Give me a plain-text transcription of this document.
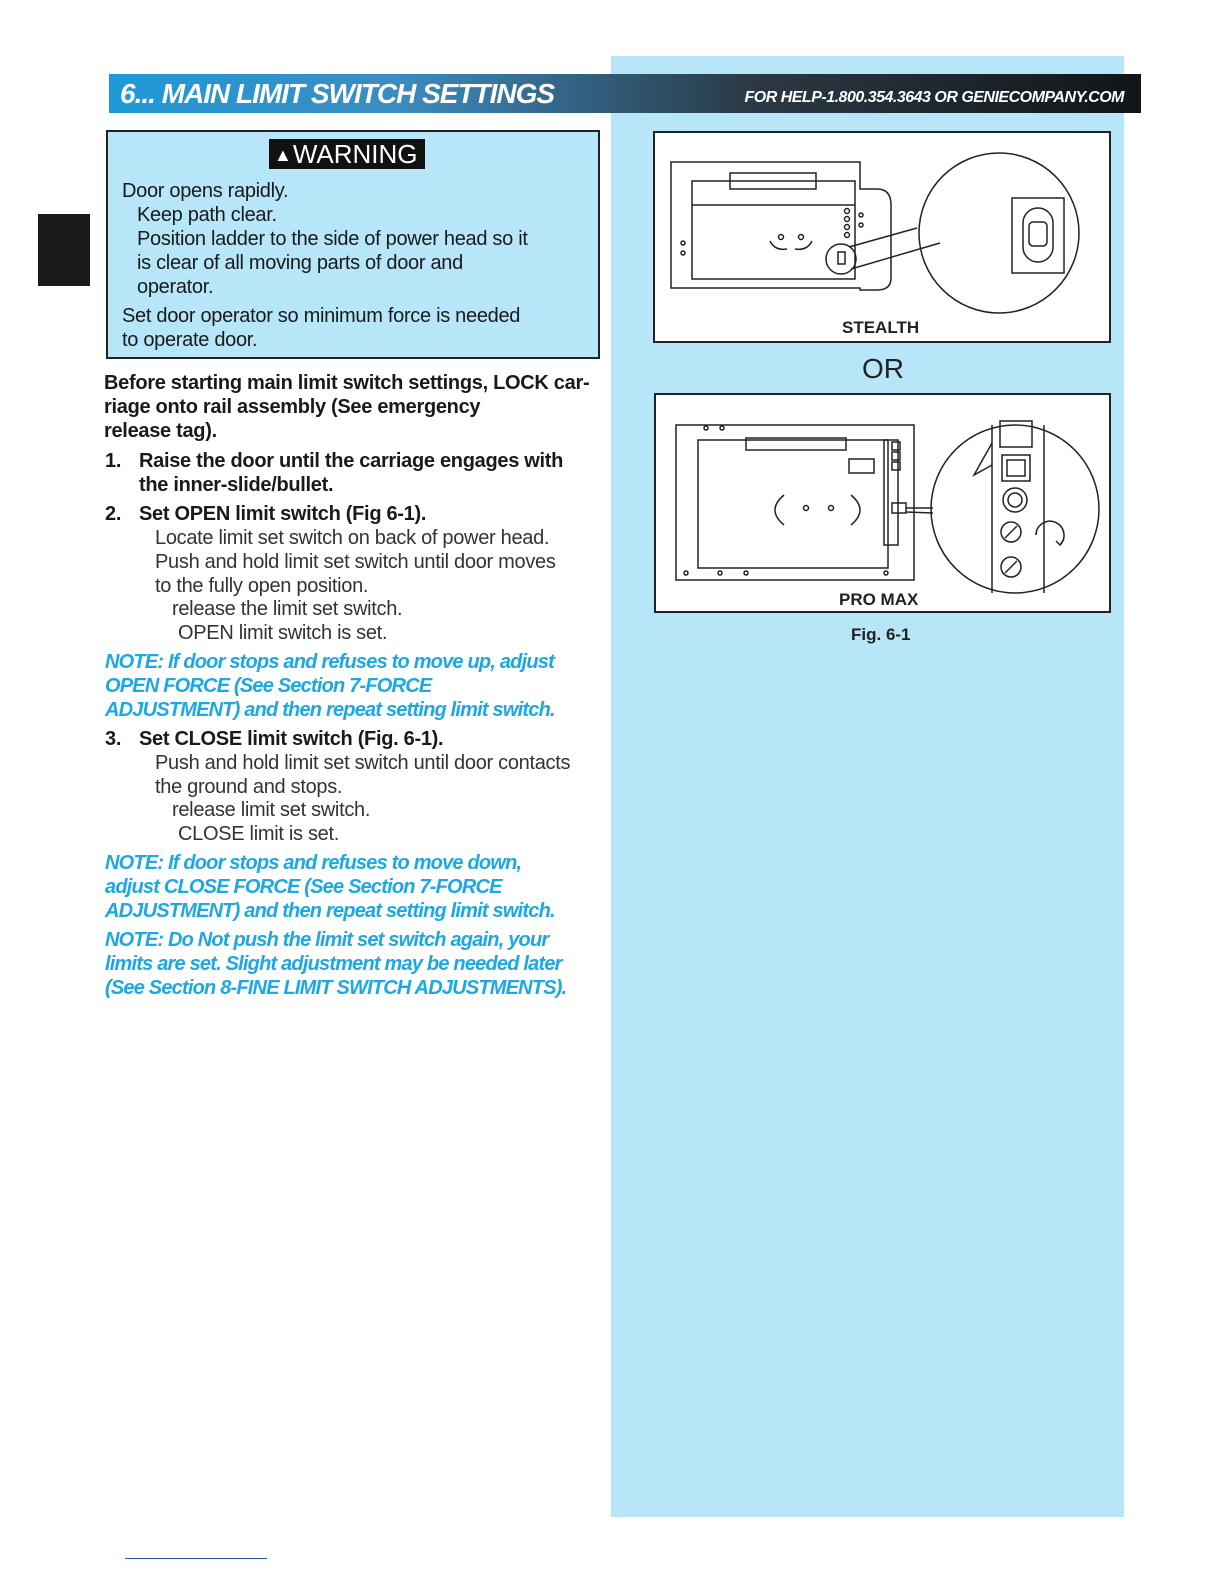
6... MAIN LIMIT SWITCH SETTINGS	FOR HELP-1.800.354.3643 OR GENIECOMPANY.COM
▲WARNING
Door opens rapidly.
Keep path clear.
Position ladder to the side of power head so it
is clear of all moving parts of door and
operator.
Set door operator so minimum force is needed
to operate door.
Before starting main limit switch settings, LOCK car-
riage onto rail assembly (See emergency
release tag).
1. Raise the door until the carriage engages with
the inner-slide/bullet.
2. Set OPEN limit switch (Fig 6-1).
Locate limit set switch on back of power head.
Push and hold limit set switch until door moves
to the fully open position.
release the limit set switch.
OPEN limit switch is set.
NOTE: If door stops and refuses to move up, adjust
OPEN FORCE (See Section 7-FORCE
ADJUSTMENT) and then repeat setting limit switch.
3. Set CLOSE limit switch (Fig. 6-1).
Push and hold limit set switch until door contacts
the ground and stops.
release limit set switch.
CLOSE limit is set.
NOTE: If door stops and refuses to move down,
adjust CLOSE FORCE (See Section 7-FORCE
ADJUSTMENT) and then repeat setting limit switch.
NOTE: Do Not push the limit set switch again, your
limits are set. Slight adjustment may be needed later
(See Section 8-FINE LIMIT SWITCH ADJUSTMENTS).
STEALTH
OR
PRO MAX
Fig. 6-1
